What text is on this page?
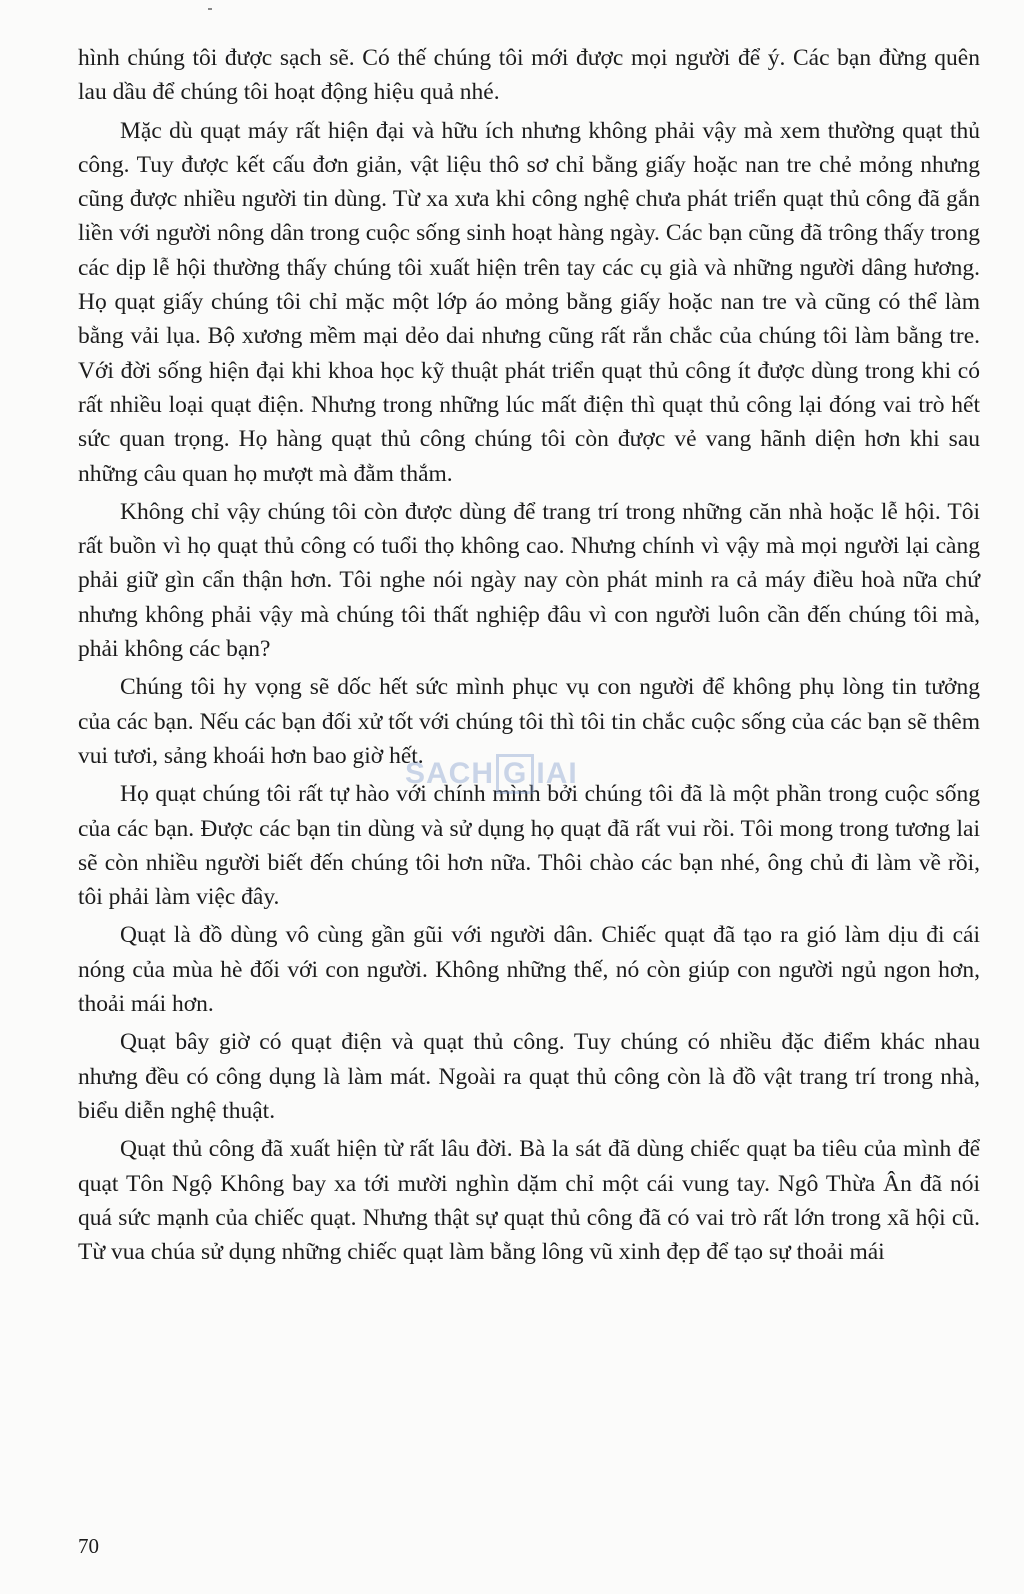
hình chúng tôi được sạch sẽ. Có thế chúng tôi mới được mọi người để ý. Các bạn đừng quên lau dầu để chúng tôi hoạt động hiệu quả nhé.

Mặc dù quạt máy rất hiện đại và hữu ích nhưng không phải vậy mà xem thường quạt thủ công. Tuy được kết cấu đơn giản, vật liệu thô sơ chỉ bằng giấy hoặc nan tre chẻ mỏng nhưng cũng được nhiều người tin dùng. Từ xa xưa khi công nghệ chưa phát triển quạt thủ công đã gắn liền với người nông dân trong cuộc sống sinh hoạt hàng ngày. Các bạn cũng đã trông thấy trong các dịp lễ hội thường thấy chúng tôi xuất hiện trên tay các cụ già và những người dâng hương. Họ quạt giấy chúng tôi chỉ mặc một lớp áo mỏng bằng giấy hoặc nan tre và cũng có thể làm bằng vải lụa. Bộ xương mềm mại dẻo dai nhưng cũng rất rắn chắc của chúng tôi làm bằng tre. Với đời sống hiện đại khi khoa học kỹ thuật phát triển quạt thủ công ít được dùng trong khi có rất nhiều loại quạt điện. Nhưng trong những lúc mất điện thì quạt thủ công lại đóng vai trò hết sức quan trọng. Họ hàng quạt thủ công chúng tôi còn được vẻ vang hãnh diện hơn khi sau những câu quan họ mượt mà đằm thắm.

Không chỉ vậy chúng tôi còn được dùng để trang trí trong những căn nhà hoặc lễ hội. Tôi rất buồn vì họ quạt thủ công có tuổi thọ không cao. Nhưng chính vì vậy mà mọi người lại càng phải giữ gìn cẩn thận hơn. Tôi nghe nói ngày nay còn phát minh ra cả máy điều hoà nữa chứ nhưng không phải vậy mà chúng tôi thất nghiệp đâu vì con người luôn cần đến chúng tôi mà, phải không các bạn?

Chúng tôi hy vọng sẽ dốc hết sức mình phục vụ con người để không phụ lòng tin tưởng của các bạn. Nếu các bạn đối xử tốt với chúng tôi thì tôi tin chắc cuộc sống của các bạn sẽ thêm vui tươi, sảng khoái hơn bao giờ hết.

Họ quạt chúng tôi rất tự hào với chính mình bởi chúng tôi đã là một phần trong cuộc sống của các bạn. Được các bạn tin dùng và sử dụng họ quạt đã rất vui rồi. Tôi mong trong tương lai sẽ còn nhiều người biết đến chúng tôi hơn nữa. Thôi chào các bạn nhé, ông chủ đi làm về rồi, tôi phải làm việc đây.

Quạt là đồ dùng vô cùng gần gũi với người dân. Chiếc quạt đã tạo ra gió làm dịu đi cái nóng của mùa hè đối với con người. Không những thế, nó còn giúp con người ngủ ngon hơn, thoải mái hơn.

Quạt bây giờ có quạt điện và quạt thủ công. Tuy chúng có nhiều đặc điểm khác nhau nhưng đều có công dụng là làm mát. Ngoài ra quạt thủ công còn là đồ vật trang trí trong nhà, biểu diễn nghệ thuật.

Quạt thủ công đã xuất hiện từ rất lâu đời. Bà la sát đã dùng chiếc quạt ba tiêu của mình để quạt Tôn Ngộ Không bay xa tới mười nghìn dặm chỉ một cái vung tay. Ngô Thừa Ân đã nói quá sức mạnh của chiếc quạt. Nhưng thật sự quạt thủ công đã có vai trò rất lớn trong xã hội cũ. Từ vua chúa sử dụng những chiếc quạt làm bằng lông vũ xinh đẹp để tạo sự thoải mái

SACH G IAI
70
